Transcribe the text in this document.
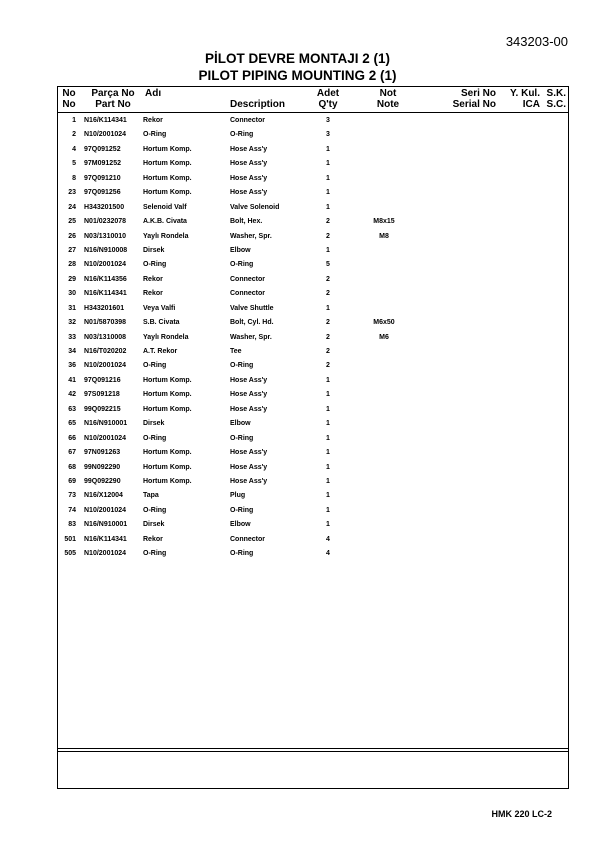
343203-00
PİLOT DEVRE MONTAJI 2 (1)
PILOT PIPING MOUNTING 2 (1)
No
No
Parça No
Part No
Adı
Description
Adet
Q'ty
Not
Note
Seri No
Serial No
Y. Kul.
ICA
S.K.
S.C.
1 N16/K114341 Rekor	Connector	3
2 N10/2001024 O-Ring	O-Ring	3
4 97Q091252	Hortum Komp.	Hose Ass'y	1
5 97M091252	Hortum Komp.	Hose Ass'y	1
8 97Q091210	Hortum Komp.	Hose Ass'y	1
23 97Q091256	Hortum Komp.	Hose Ass'y	1
24 H343201500	Selenoid Valf	Valve Solenoid	1
25 N01/0232078 A.K.B. Civata	Bolt, Hex.	2	M8x15
26 N03/1310010 Yaylı Rondela	Washer, Spr.	2	M8
27 N16/N910008 Dirsek	Elbow	1
28 N10/2001024 O-Ring	O-Ring	5
29 N16/K114356 Rekor	Connector	2
30 N16/K114341 Rekor	Connector	2
31 H343201601	Veya Valfi	Valve Shuttle	1
32 N01/5870398 S.B. Civata	Bolt, Cyl. Hd.	2	M6x50
33 N03/1310008 Yaylı Rondela	Washer, Spr.	2	M6
34 N16/T020202 A.T. Rekor	Tee	2
36 N10/2001024 O-Ring	O-Ring	2
41 97Q091216	Hortum Komp.	Hose Ass'y	1
42 97S091218	Hortum Komp.	Hose Ass'y	1
63 99Q092215	Hortum Komp.	Hose Ass'y	1
65 N16/N910001 Dirsek	Elbow	1
66 N10/2001024 O-Ring	O-Ring	1
67 97N091263	Hortum Komp.	Hose Ass'y	1
68 99N092290	Hortum Komp.	Hose Ass'y	1
69 99Q092290	Hortum Komp.	Hose Ass'y	1
73 N16/X12004	Tapa	Plug	1
74 N10/2001024 O-Ring	O-Ring	1
83 N16/N910001 Dirsek	Elbow	1
501 N16/K114341 Rekor	Connector	4
505 N10/2001024 O-Ring	O-Ring	4
HMK 220 LC-2
